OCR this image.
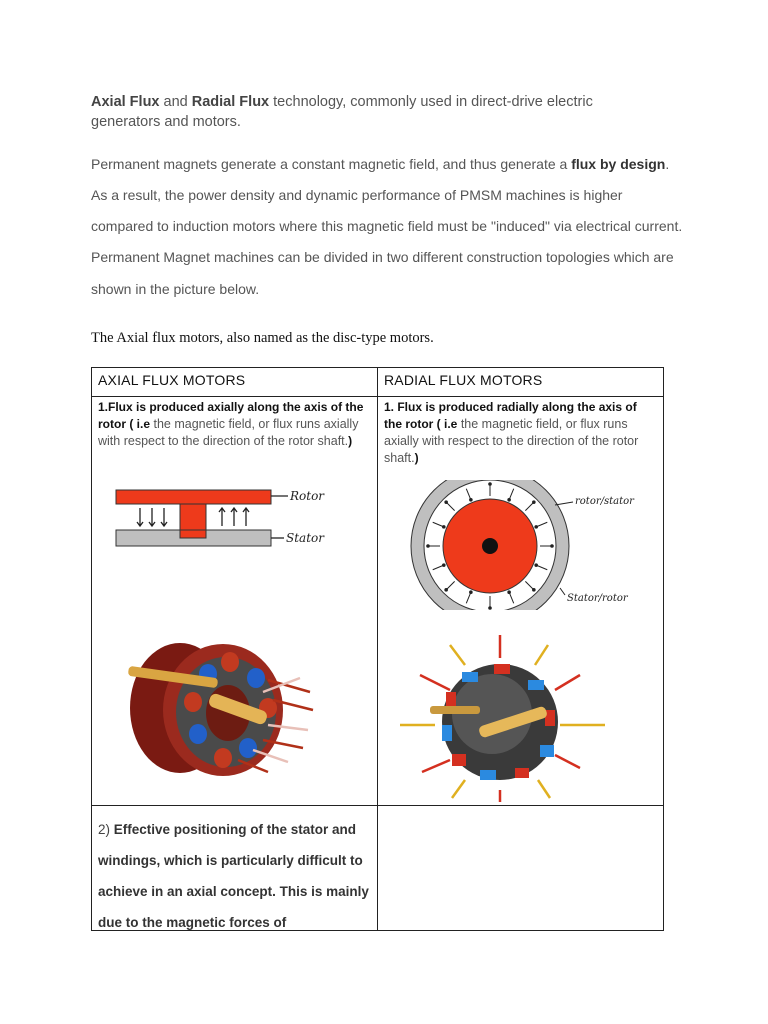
Axial Flux and Radial Flux technology, commonly used in direct-drive electric generators and motors.

Permanent magnets generate a constant magnetic field, and thus generate a flux by design.

As a result, the power density and dynamic performance of PMSM machines is higher

compared to induction motors where this magnetic field must be "induced" via electrical current.

Permanent Magnet machines can be divided in two different construction topologies which are

shown in the picture below.

The Axial flux motors, also named as the disc-type motors.

AXIAL FLUX MOTORS	RADIAL FLUX MOTORS
1.Flux is produced axially along the axis of the rotor ( i.e the magnetic field, or flux runs axially with respect to the direction of the rotor shaft.)
1. Flux is produced radially along the axis of the rotor ( i.e the magnetic field, or flux runs axially with respect to the direction of the rotor shaft.)
2) Effective positioning of the stator and windings, which is particularly difficult to achieve in an axial concept. This is mainly due to the magnetic forces of
Rotor
Stator
rotor/stator
Stator/rotor
